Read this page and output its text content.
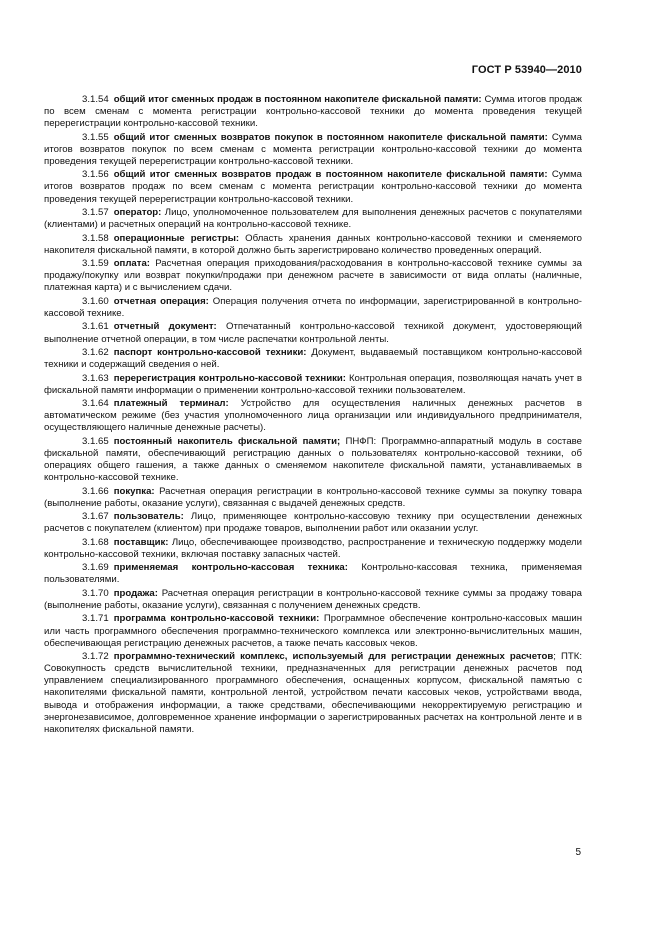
ГОСТ Р 53940—2010

3.1.54 общий итог сменных продаж в постоянном накопителе фискальной памяти: Сумма итогов продаж по всем сменам с момента регистрации контрольно-кассовой техники до момента проведения текущей перерегистрации контрольно-кассовой техники.

3.1.55 общий итог сменных возвратов покупок в постоянном накопителе фискальной памяти: Сумма итогов возвратов покупок по всем сменам с момента регистрации контрольно-кассовой техники до момента проведения текущей перерегистрации контрольно-кассовой техники.

3.1.56 общий итог сменных возвратов продаж в постоянном накопителе фискальной памяти: Сумма итогов возвратов продаж по всем сменам с момента регистрации контрольно-кассовой техники до момента проведения текущей перерегистрации контрольно-кассовой техники.

3.1.57 оператор: Лицо, уполномоченное пользователем для выполнения денежных расчетов с покупателями (клиентами) и расчетных операций на контрольно-кассовой технике.

3.1.58 операционные регистры: Область хранения данных контрольно-кассовой техники и сменяемого накопителя фискальной памяти, в которой должно быть зарегистрировано количество проведенных операций.

3.1.59 оплата: Расчетная операция приходования/расходования в контрольно-кассовой технике суммы за продажу/покупку или возврат покупки/продажи при денежном расчете в зависимости от вида оплаты (наличные, платежная карта) и с вычислением сдачи.

3.1.60 отчетная операция: Операция получения отчета по информации, зарегистрированной в контрольно-кассовой технике.

3.1.61 отчетный документ: Отпечатанный контрольно-кассовой техникой документ, удостоверяющий выполнение отчетной операции, в том числе распечатки контрольной ленты.

3.1.62 паспорт контрольно-кассовой техники: Документ, выдаваемый поставщиком контрольно-кассовой техники и содержащий сведения о ней.

3.1.63 перерегистрация контрольно-кассовой техники: Контрольная операция, позволяющая начать учет в фискальной памяти информации о применении контрольно-кассовой техники пользователем.

3.1.64 платежный терминал: Устройство для осуществления наличных денежных расчетов в автоматическом режиме (без участия уполномоченного лица организации или индивидуального предпринимателя, осуществляющего наличные денежные расчеты).

3.1.65 постоянный накопитель фискальной памяти; ПНФП: Программно-аппаратный модуль в составе фискальной памяти, обеспечивающий регистрацию данных о пользователях контрольно-кассовой техники, об операциях общего гашения, а также данных о сменяемом накопителе фискальной памяти, устанавливаемых в контрольно-кассовой технике.

3.1.66 покупка: Расчетная операция регистрации в контрольно-кассовой технике суммы за покупку товара (выполнение работы, оказание услуги), связанная с выдачей денежных средств.

3.1.67 пользователь: Лицо, применяющее контрольно-кассовую технику при осуществлении денежных расчетов с покупателем (клиентом) при продаже товаров, выполнении работ или оказании услуг.

3.1.68 поставщик: Лицо, обеспечивающее производство, распространение и техническую поддержку модели контрольно-кассовой техники, включая поставку запасных частей.

3.1.69 применяемая контрольно-кассовая техника: Контрольно-кассовая техника, применяемая пользователями.

3.1.70 продажа: Расчетная операция регистрации в контрольно-кассовой технике суммы за продажу товара (выполнение работы, оказание услуги), связанная с получением денежных средств.

3.1.71 программа контрольно-кассовой техники: Программное обеспечение контрольно-кассовых машин или часть программного обеспечения программно-технического комплекса или электронно-вычислительных машин, обеспечивающая регистрацию денежных расчетов, а также печать кассовых чеков.

3.1.72 программно-технический комплекс, используемый для регистрации денежных расчетов; ПТК: Совокупность средств вычислительной техники, предназначенных для регистрации денежных расчетов под управлением специализированного программного обеспечения, оснащенных корпусом, фискальной памятью с накопителями фискальной памяти, контрольной лентой, устройством печати кассовых чеков, устройствами ввода, вывода и отображения информации, а также средствами, обеспечивающими некорректируемую регистрацию и энергонезависимое, долговременное хранение информации о зарегистрированных расчетах на контрольной ленте и в накопителях фискальной памяти.

5
